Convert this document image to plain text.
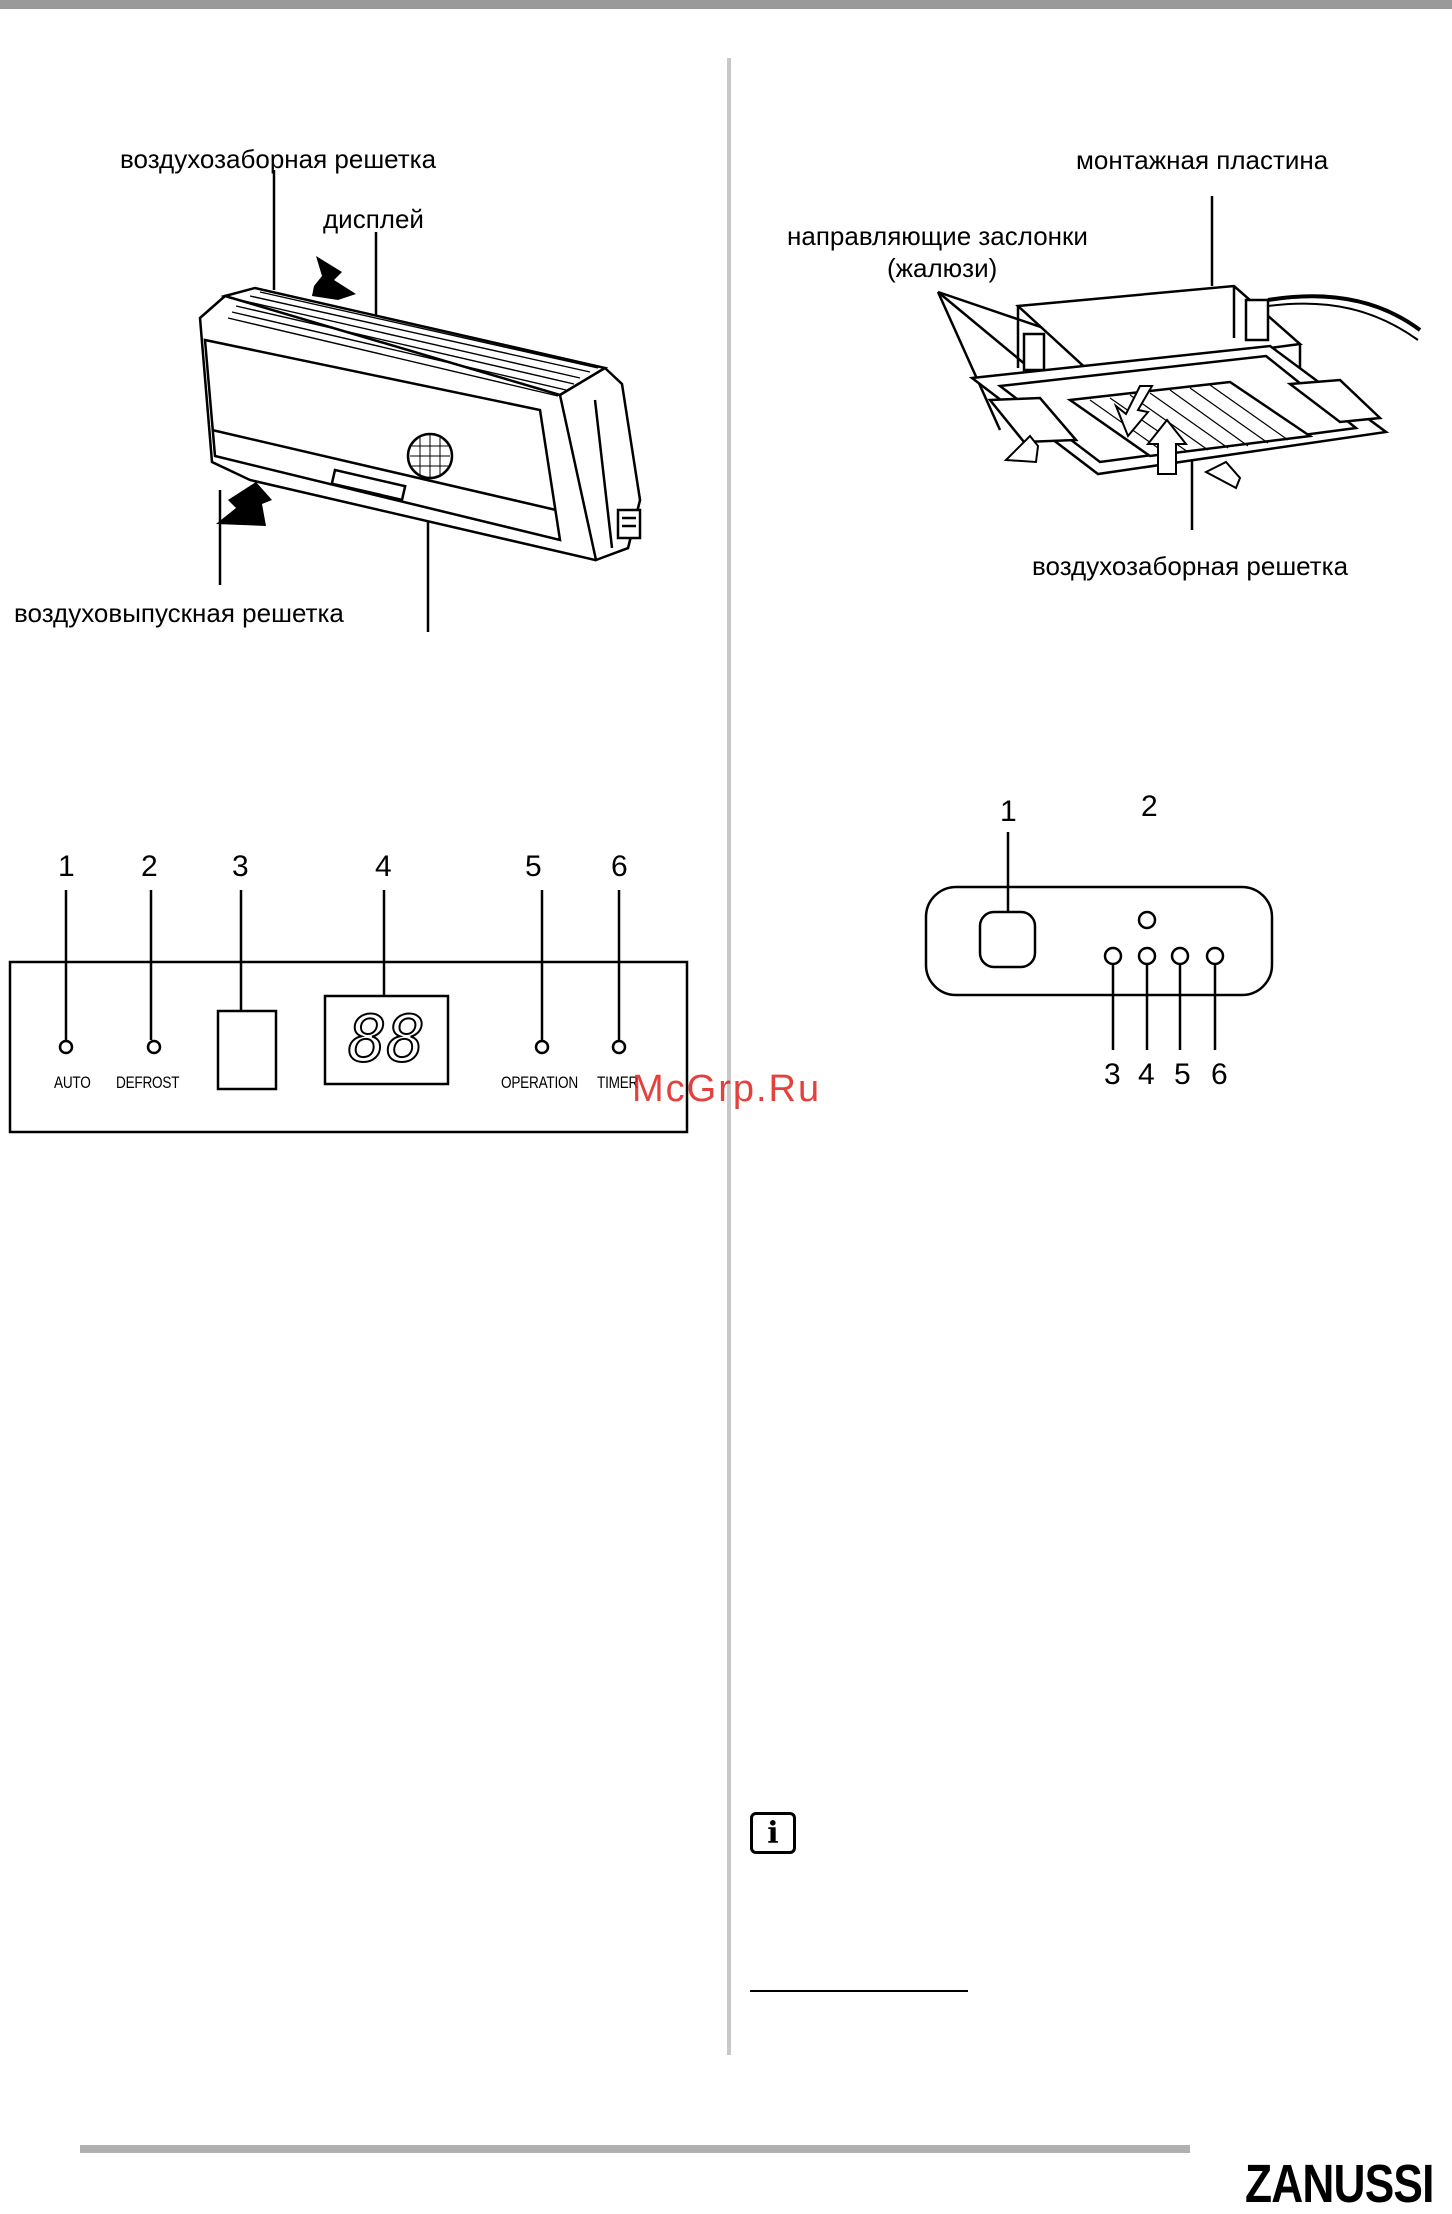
воздухозаборная решетка
дисплей
воздуховыпускная решетка
монтажная пластина
направляющие заслонки
(жалюзи)
воздухозаборная решетка
1 2 3	4	5 6
88
AUTO DEFROST	OPERATION TIMER
1	2
3 4 5 6
i
McGrp.Ru
ZANUSSI
